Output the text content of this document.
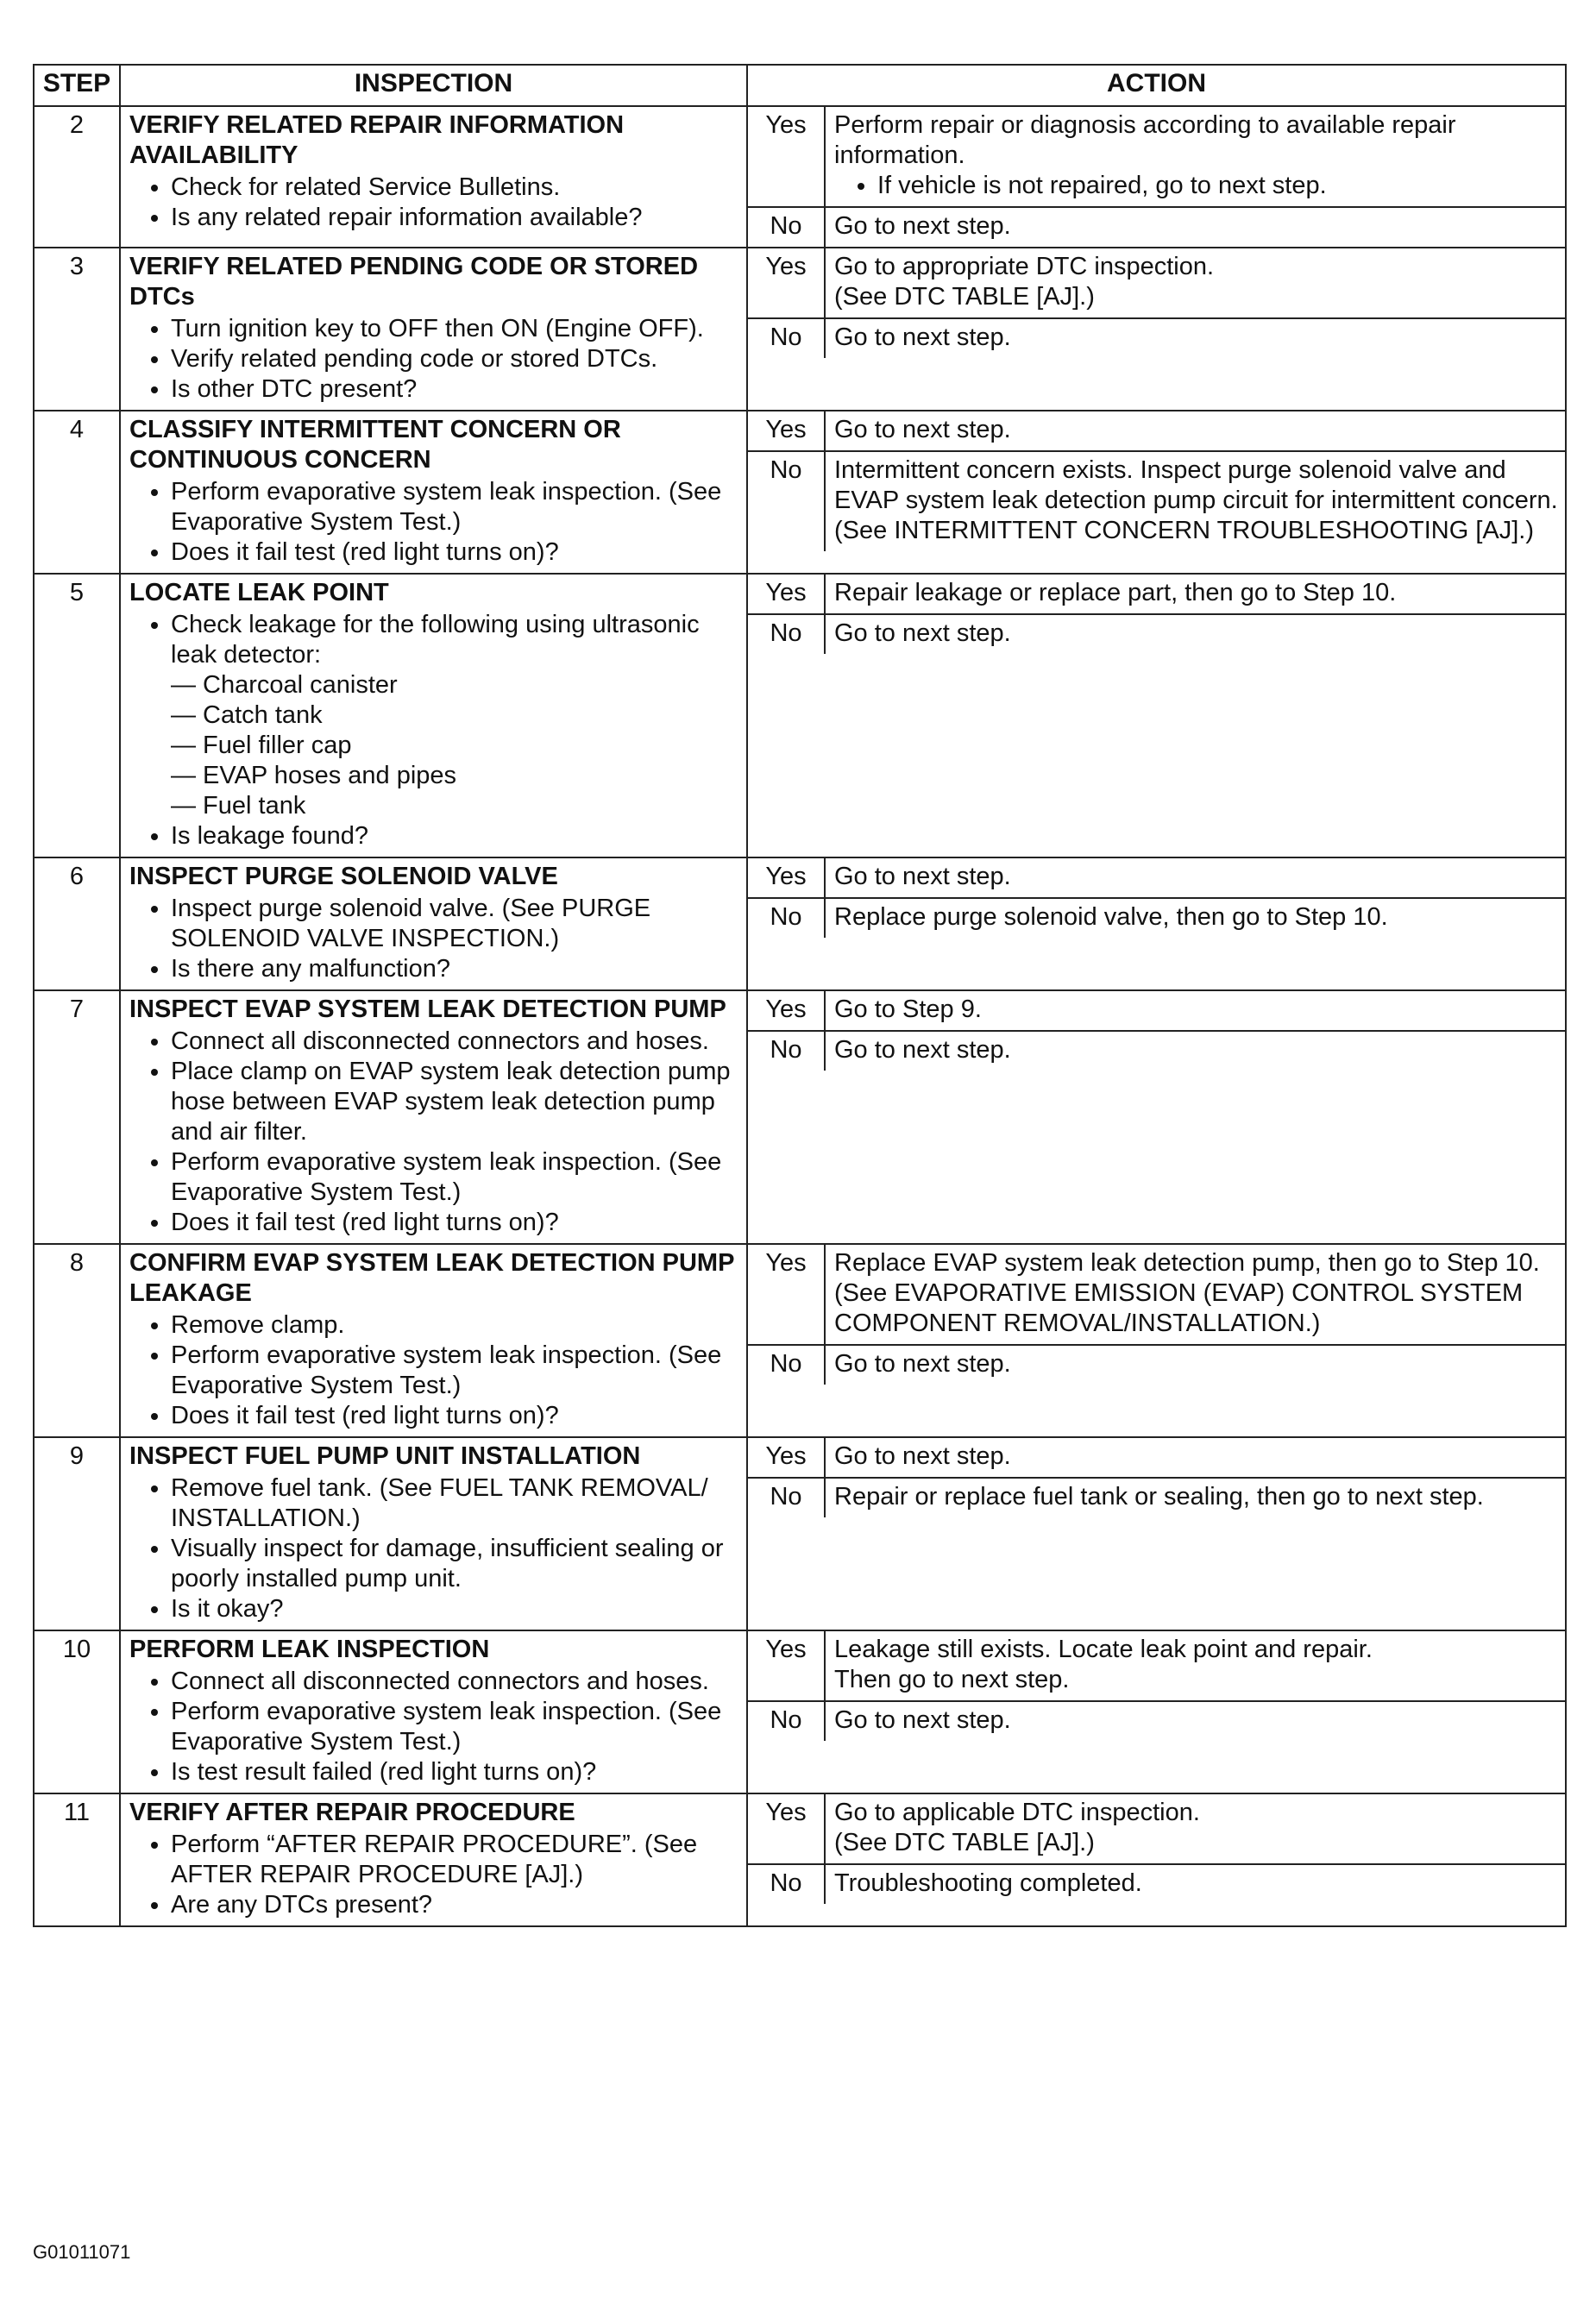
STEP	INSPECTION	ACTION
2	VERIFY RELATED REPAIR INFORMATION AVAILABILITY
• Check for related Service Bulletins.
• Is any related repair information available?

Yes	Perform repair or diagnosis according to available repair information.
• If vehicle is not repaired, go to next step.

No	Go to next step.

3	VERIFY RELATED PENDING CODE OR STORED DTCs
• Turn ignition key to OFF then ON (Engine OFF).
• Verify related pending code or stored DTCs.
• Is other DTC present?

Yes	Go to appropriate DTC inspection.
(See DTC TABLE [AJ].)

No	Go to next step.

4	CLASSIFY INTERMITTENT CONCERN OR CONTINUOUS CONCERN
• Perform evaporative system leak inspection. (See Evaporative System Test.)
• Does it fail test (red light turns on)?

Yes	Go to next step.

No	Intermittent concern exists. Inspect purge solenoid valve and EVAP system leak detection pump circuit for intermittent concern.
(See INTERMITTENT CONCERN TROUBLESHOOTING [AJ].)

5	LOCATE LEAK POINT
• Check leakage for the following using ultrasonic leak detector:
— Charcoal canister
— Catch tank
— Fuel filler cap
— EVAP hoses and pipes
— Fuel tank
• Is leakage found?

Yes	Repair leakage or replace part, then go to Step 10.

No	Go to next step.

6	INSPECT PURGE SOLENOID VALVE
• Inspect purge solenoid valve. (See PURGE SOLENOID VALVE INSPECTION.)
• Is there any malfunction?

Yes	Go to next step.

No	Replace purge solenoid valve, then go to Step 10.

7	INSPECT EVAP SYSTEM LEAK DETECTION PUMP
• Connect all disconnected connectors and hoses.
• Place clamp on EVAP system leak detection pump hose between EVAP system leak detection pump and air filter.
• Perform evaporative system leak inspection. (See Evaporative System Test.)
• Does it fail test (red light turns on)?

Yes	Go to Step 9.

No	Go to next step.

8	CONFIRM EVAP SYSTEM LEAK DETECTION PUMP LEAKAGE
• Remove clamp.
• Perform evaporative system leak inspection. (See Evaporative System Test.)
• Does it fail test (red light turns on)?

Yes	Replace EVAP system leak detection pump, then go to Step 10.
(See EVAPORATIVE EMISSION (EVAP) CONTROL SYSTEM COMPONENT REMOVAL/INSTALLATION.)

No	Go to next step.

9	INSPECT FUEL PUMP UNIT INSTALLATION
• Remove fuel tank. (See FUEL TANK REMOVAL/ INSTALLATION.)
• Visually inspect for damage, insufficient sealing or poorly installed pump unit.
• Is it okay?

Yes	Go to next step.

No	Repair or replace fuel tank or sealing, then go to next step.

10	PERFORM LEAK INSPECTION
• Connect all disconnected connectors and hoses.
• Perform evaporative system leak inspection. (See Evaporative System Test.)
• Is test result failed (red light turns on)?

Yes	Leakage still exists. Locate leak point and repair.
Then go to next step.

No	Go to next step.

11	VERIFY AFTER REPAIR PROCEDURE
• Perform “AFTER REPAIR PROCEDURE”. (See AFTER REPAIR PROCEDURE [AJ].)
• Are any DTCs present?

Yes	Go to applicable DTC inspection.
(See DTC TABLE [AJ].)

No	Troubleshooting completed.
G01011071
